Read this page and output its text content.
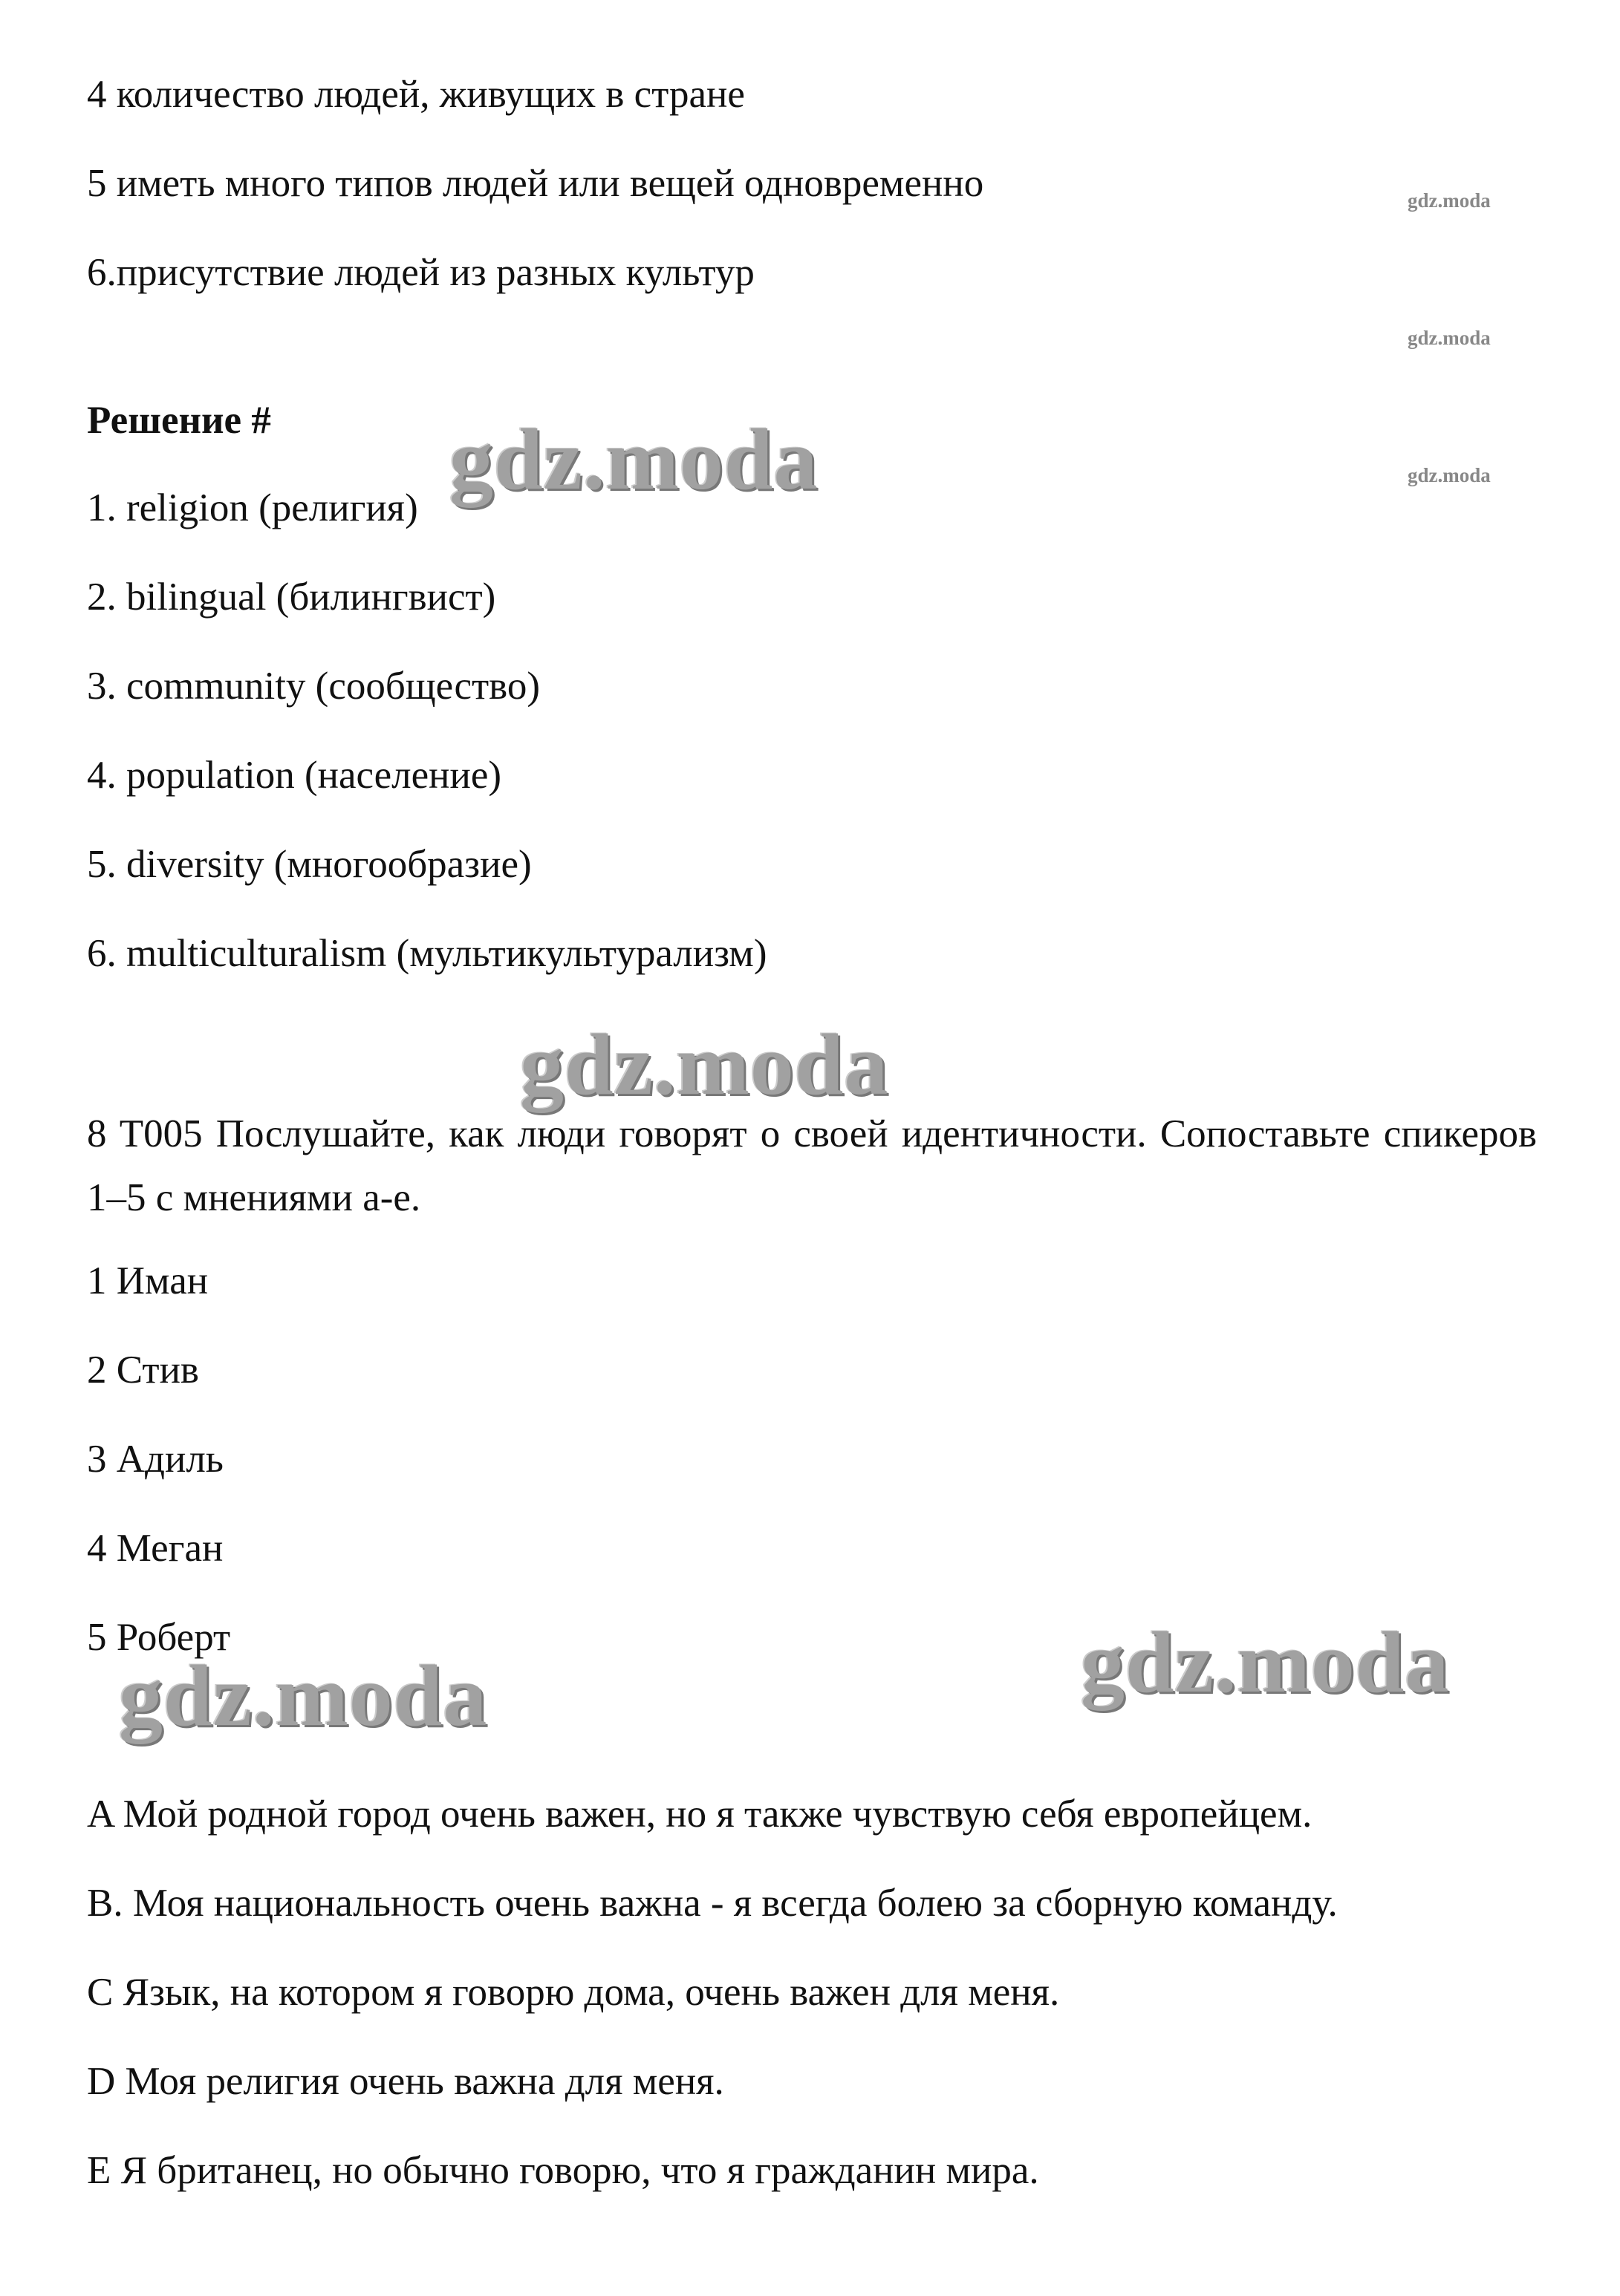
4 количество людей, живущих в стране

5 иметь много типов людей или вещей одновременно

6.присутствие людей из разных культур

Решение #

1. religion (религия)

2. bilingual (билингвист)

3. community (сообщество)

4. population (население)

5. diversity (многообразие)

6. multiculturalism (мультикультурализм)

8 T005 Послушайте, как люди говорят о своей идентичности. Сопоставьте спикеров 1–5 с мнениями a-e.

1 Иман

2 Стив

3 Адиль

4 Меган

5 Роберт

A Мой родной город очень важен, но я также чувствую себя европейцем.

B. Моя национальность очень важна - я всегда болею за сборную команду.

C Язык, на котором я говорю дома, очень важен для меня.

D Моя религия очень важна для меня.

E Я британец, но обычно говорю, что я гражданин мира.

gdz.moda
gdz.moda
gdz.moda
gdz.moda
gdz.moda
gdz.moda	gdz.moda
